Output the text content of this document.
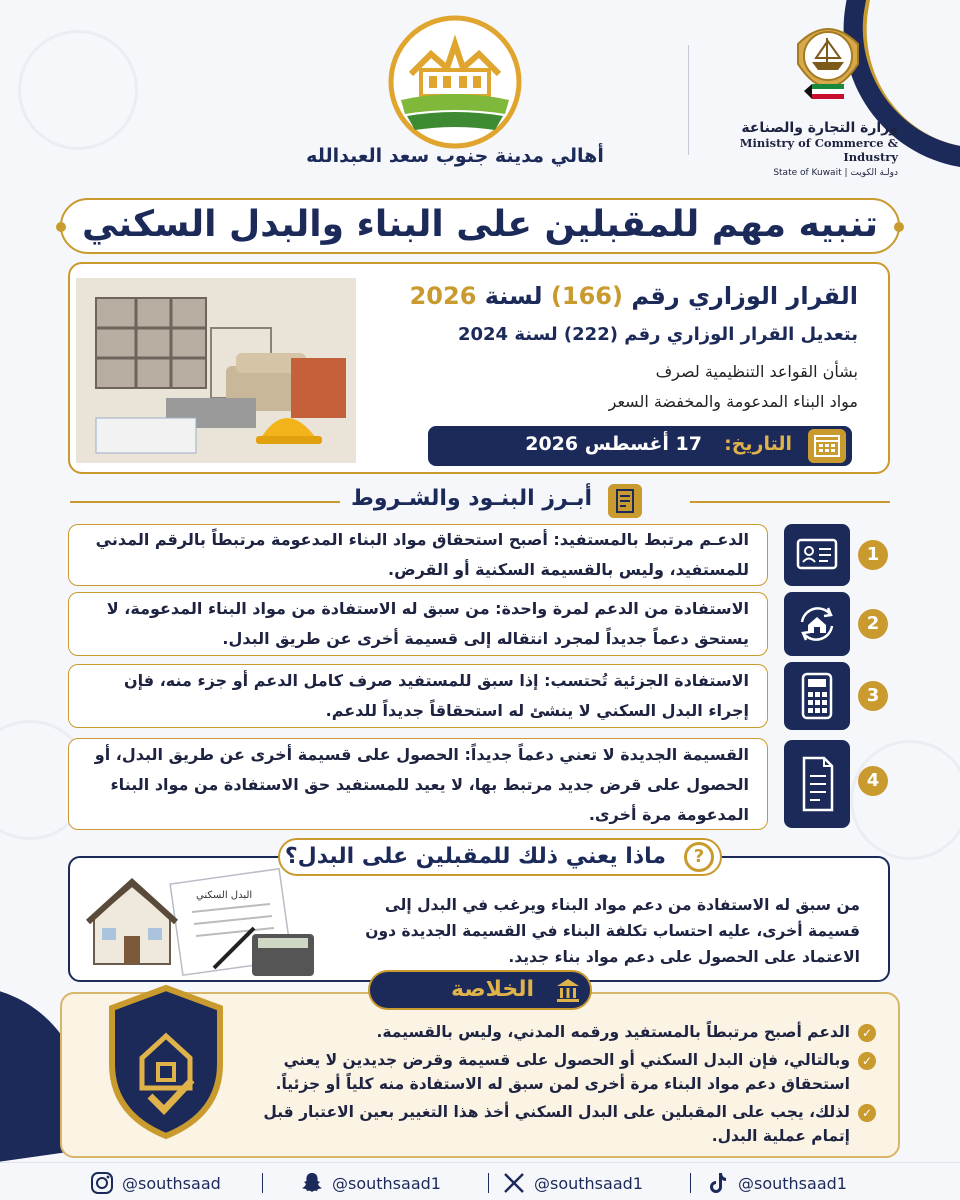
وزارة التجارة والصناعة
Ministry of Commerce & Industry
State of Kuwait | دولـة الكويت
أهالي مدينة جنوب سعد العبدالله
تنبيه مهم للمقبلين على البناء والبدل السكني
القرار الوزاري رقم (166) لسنة 2026
بتعديل القرار الوزاري رقم (222) لسنة 2024
بشأن القواعد التنظيمية لصرف
مواد البناء المدعومة والمخفضة السعر
التاريخ:
17 أغسطس 2026
أبـرز البنـود والشـروط
الدعـم مرتبط بالمستفيد: أصبح استحقاق مواد البناء المدعومة مرتبطاً بالرقم المدني للمستفيد، وليس بالقسيمة السكنية أو القرض.
1
الاستفادة من الدعم لمرة واحدة: من سبق له الاستفادة من مواد البناء المدعومة، لا يستحق دعماً جديداً لمجرد انتقاله إلى قسيمة أخرى عن طريق البدل.
2
الاستفادة الجزئية تُحتسب: إذا سبق للمستفيد صرف كامل الدعم أو جزء منه، فإن إجراء البدل السكني لا ينشئ له استحقاقاً جديداً للدعم.
3
القسيمة الجديدة لا تعني دعماً جديداً: الحصول على قسيمة أخرى عن طريق البدل، أو الحصول على قرض جديد مرتبط بها، لا يعيد للمستفيد حق الاستفادة من مواد البناء المدعومة مرة أخرى.
4
البدل السكني
من سبق له الاستفادة من دعم مواد البناء ويرغب في البدل إلى قسيمة أخرى، عليه احتساب تكلفة البناء في القسيمة الجديدة دون الاعتماد على الحصول على دعم مواد بناء جديد.
?
ماذا يعني ذلك للمقبلين على البدل؟
✓
الدعم أصبح مرتبطاً بالمستفيد ورقمه المدني، وليس بالقسيمة.
✓
وبالتالي، فإن البدل السكني أو الحصول على قسيمة وقرض جديدين لا يعني استحقاق دعم مواد البناء مرة أخرى لمن سبق له الاستفادة منه كلياً أو جزئياً.
✓
لذلك، يجب على المقبلين على البدل السكني أخذ هذا التغيير بعين الاعتبار قبل إتمام عملية البدل.
الخلاصة
@southsaad	@southsaad1	@southsaad1	@southsaad1
